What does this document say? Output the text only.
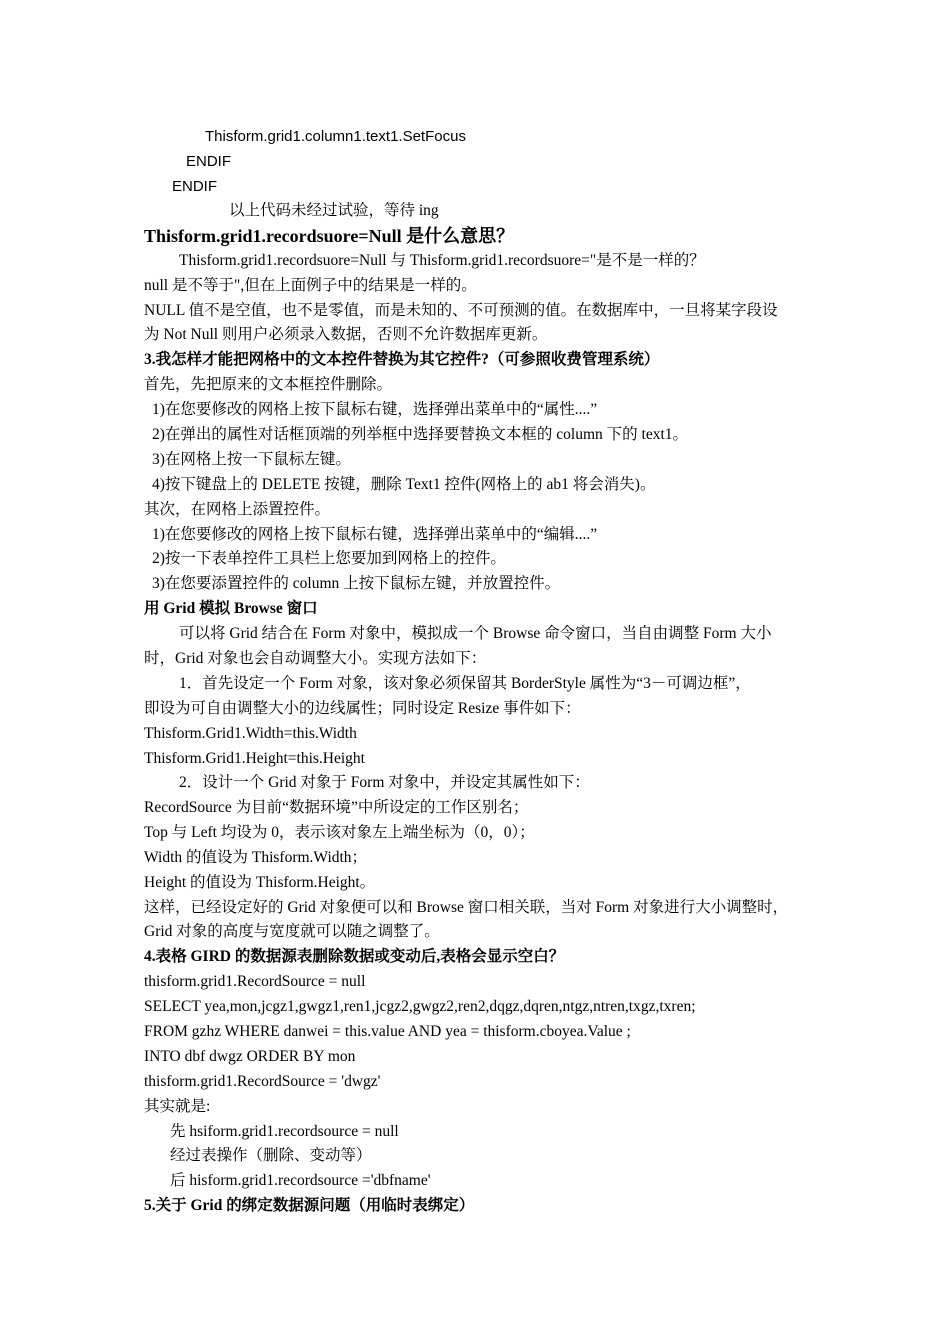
Thisform.grid1.column1.text1.SetFocus
ENDIF
ENDIF
以上代码未经过试验，等待 ing
Thisform.grid1.recordsuore=Null 是什么意思？
Thisform.grid1.recordsuore=Null 与 Thisform.grid1.recordsuore="是不是一样的？
null 是不等于",但在上面例子中的结果是一样的。
NULL 值不是空值，也不是零值，而是未知的、不可预测的值。在数据库中，一旦将某字段设
为 Not Null 则用户必须录入数据，否则不允许数据库更新。
3.我怎样才能把网格中的文本控件替换为其它控件?（可参照收费管理系统）
首先，先把原来的文本框控件删除。
1)在您要修改的网格上按下鼠标右键，选择弹出菜单中的“属性....”
2)在弹出的属性对话框顶端的列举框中选择要替换文本框的 column 下的 text1。
3)在网格上按一下鼠标左键。
4)按下键盘上的 DELETE 按键，删除 Text1 控件(网格上的 ab1 将会消失)。
其次，在网格上添置控件。
1)在您要修改的网格上按下鼠标右键，选择弹出菜单中的“编辑....”
2)按一下表单控件工具栏上您要加到网格上的控件。
3)在您要添置控件的 column 上按下鼠标左键，并放置控件。
用 Grid 模拟 Browse 窗口
可以将 Grid 结合在 Form 对象中，模拟成一个 Browse 命令窗口，当自由调整 Form 大小
时，Grid 对象也会自动调整大小。实现方法如下：
1．首先设定一个 Form 对象，该对象必须保留其 BorderStyle 属性为“3－可调边框”，
即设为可自由调整大小的边线属性；同时设定 Resize 事件如下：
Thisform.Grid1.Width=this.Width
Thisform.Grid1.Height=this.Height
2．设计一个 Grid 对象于 Form 对象中，并设定其属性如下：
RecordSource 为目前“数据环境”中所设定的工作区别名；
Top 与 Left 均设为 0，表示该对象左上端坐标为（0，0）；
Width 的值设为 Thisform.Width；
Height 的值设为 Thisform.Height。
这样，已经设定好的 Grid 对象便可以和 Browse 窗口相关联，当对 Form 对象进行大小调整时，
Grid 对象的高度与宽度就可以随之调整了。
4.表格 GIRD 的数据源表删除数据或变动后,表格会显示空白？
thisform.grid1.RecordSource = null
SELECT yea,mon,jcgz1,gwgz1,ren1,jcgz2,gwgz2,ren2,dqgz,dqren,ntgz,ntren,txgz,txren;
FROM gzhz WHERE danwei = this.value AND yea = thisform.cboyea.Value ;
INTO dbf dwgz ORDER BY mon
thisform.grid1.RecordSource = 'dwgz'
其实就是:
先 hsiform.grid1.recordsource = null
经过表操作（删除、变动等）
后 hisform.grid1.recordsource ='dbfname'
5.关于 Grid 的绑定数据源问题（用临时表绑定）
